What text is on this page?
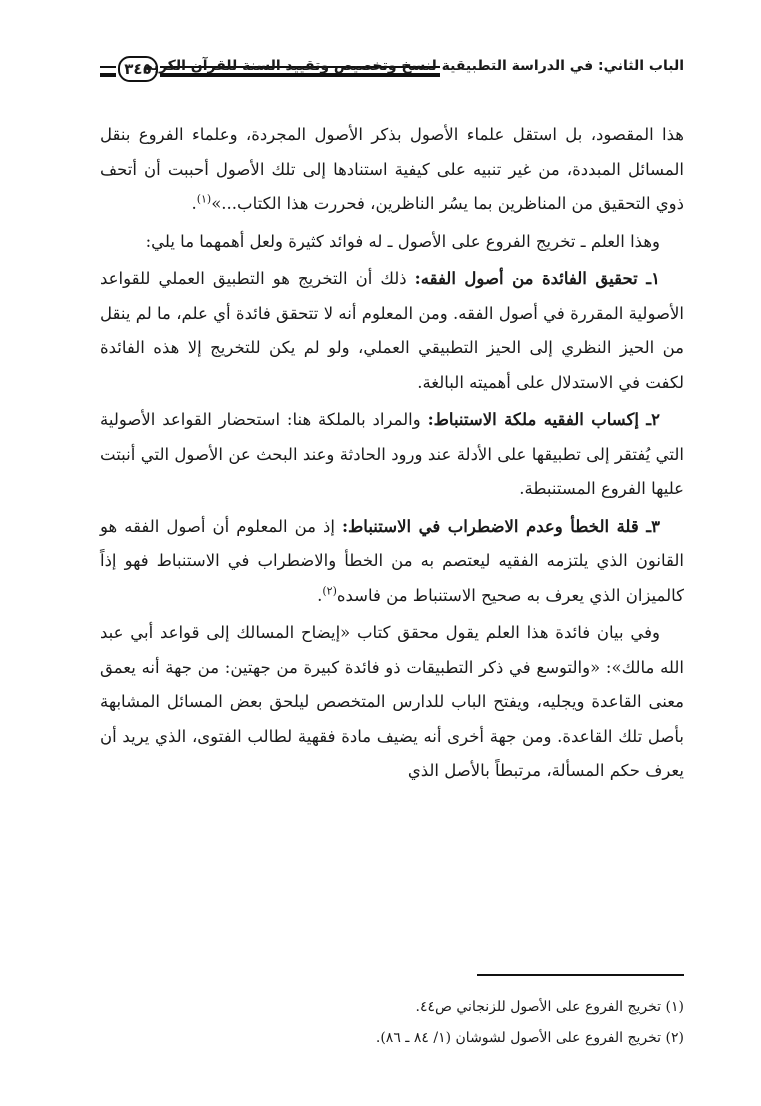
٣٤٥
الباب الثاني: في الدراسة التطبيقية لنسخ وتخصيص وتقييد السنة للقرآن الكريم

هذا المقصود، بل استقل علماء الأصول بذكر الأصول المجردة، وعلماء الفروع بنقل المسائل المبددة، من غير تنبيه على كيفية استنادها إلى تلك الأصول أحببت أن أتحف ذوي التحقيق من المناظرين بما يسُر الناظرين، فحررت هذا الكتاب...»$^{(١)}$.

وهذا العلم ـ تخريج الفروع على الأصول ـ له فوائد كثيرة ولعل أهمهما ما يلي:

١ـ تحقيق الفائدة من أصول الفقه: ذلك أن التخريج هو التطبيق العملي للقواعد الأصولية المقررة في أصول الفقه. ومن المعلوم أنه لا تتحقق فائدة أي علم، ما لم ينقل من الحيز النظري إلى الحيز التطبيقي العملي، ولو لم يكن للتخريج إلا هذه الفائدة لكفت في الاستدلال على أهميته البالغة.

٢ـ إكساب الفقيه ملكة الاستنباط: والمراد بالملكة هنا: استحضار القواعد الأصولية التي يُفتقر إلى تطبيقها على الأدلة عند ورود الحادثة وعند البحث عن الأصول التي أنبتت عليها الفروع المستنبطة.

٣ـ قلة الخطأ وعدم الاضطراب في الاستنباط: إذ من المعلوم أن أصول الفقه هو القانون الذي يلتزمه الفقيه ليعتصم به من الخطأ والاضطراب في الاستنباط فهو إذاً كالميزان الذي يعرف به صحيح الاستنباط من فاسده$^{(٢)}$.

وفي بيان فائدة هذا العلم يقول محقق كتاب «إيضاح المسالك إلى قواعد أبي عبد الله مالك»: «والتوسع في ذكر التطبيقات ذو فائدة كبيرة من جهتين: من جهة أنه يعمق معنى القاعدة ويجليه، ويفتح الباب للدارس المتخصص ليلحق بعض المسائل المشابهة بأصل تلك القاعدة. ومن جهة أخرى أنه يضيف مادة فقهية لطالب الفتوى، الذي يريد أن يعرف حكم المسألة، مرتبطاً بالأصل الذي

(١) تخريج الفروع على الأصول للزنجاني ص٤٤.

(٢) تخريج الفروع على الأصول لشوشان (١/ ٨٤ ـ ٨٦).
